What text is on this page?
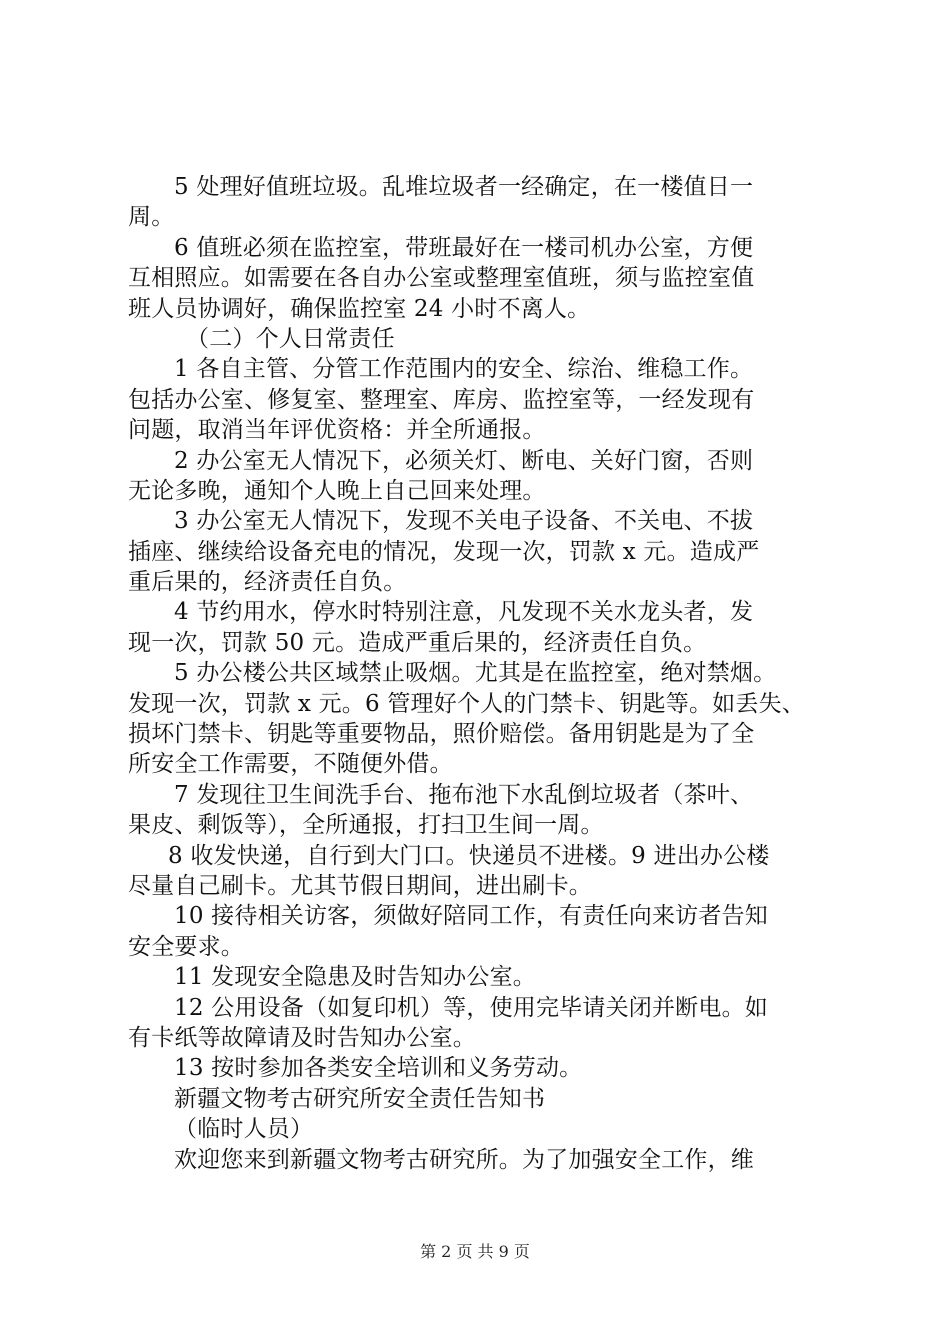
5 处理好值班垃圾。乱堆垃圾者一经确定，在一楼值日一
周。
6 值班必须在监控室，带班最好在一楼司机办公室，方便
互相照应。如需要在各自办公室或整理室值班，须与监控室值
班人员协调好，确保监控室 24 小时不离人。
（二）个人日常责任
1 各自主管、分管工作范围内的安全、综治、维稳工作。
包括办公室、修复室、整理室、库房、监控室等，一经发现有
问题，取消当年评优资格：并全所通报。
2 办公室无人情况下，必须关灯、断电、关好门窗，否则
无论多晚，通知个人晚上自己回来处理。
3 办公室无人情况下，发现不关电子设备、不关电、不拔
插座、继续给设备充电的情况，发现一次，罚款 x 元。造成严
重后果的，经济责任自负。
4 节约用水，停水时特别注意，凡发现不关水龙头者，发
现一次，罚款 50 元。造成严重后果的，经济责任自负。
5 办公楼公共区域禁止吸烟。尤其是在监控室，绝对禁烟。
发现一次，罚款 x 元。6 管理好个人的门禁卡、钥匙等。如丢失、
损坏门禁卡、钥匙等重要物品，照价赔偿。备用钥匙是为了全
所安全工作需要，不随便外借。
7 发现往卫生间洗手台、拖布池下水乱倒垃圾者（茶叶、
果皮、剩饭等），全所通报，打扫卫生间一周。
8 收发快递，自行到大门口。快递员不进楼。9 进出办公楼
尽量自己刷卡。尤其节假日期间，进出刷卡。
10 接待相关访客，须做好陪同工作，有责任向来访者告知
安全要求。
11 发现安全隐患及时告知办公室。
12 公用设备（如复印机）等，使用完毕请关闭并断电。如
有卡纸等故障请及时告知办公室。
13 按时参加各类安全培训和义务劳动。
新疆文物考古研究所安全责任告知书
（临时人员）
欢迎您来到新疆文物考古研究所。为了加强安全工作，维
第 2 页 共 9 页
